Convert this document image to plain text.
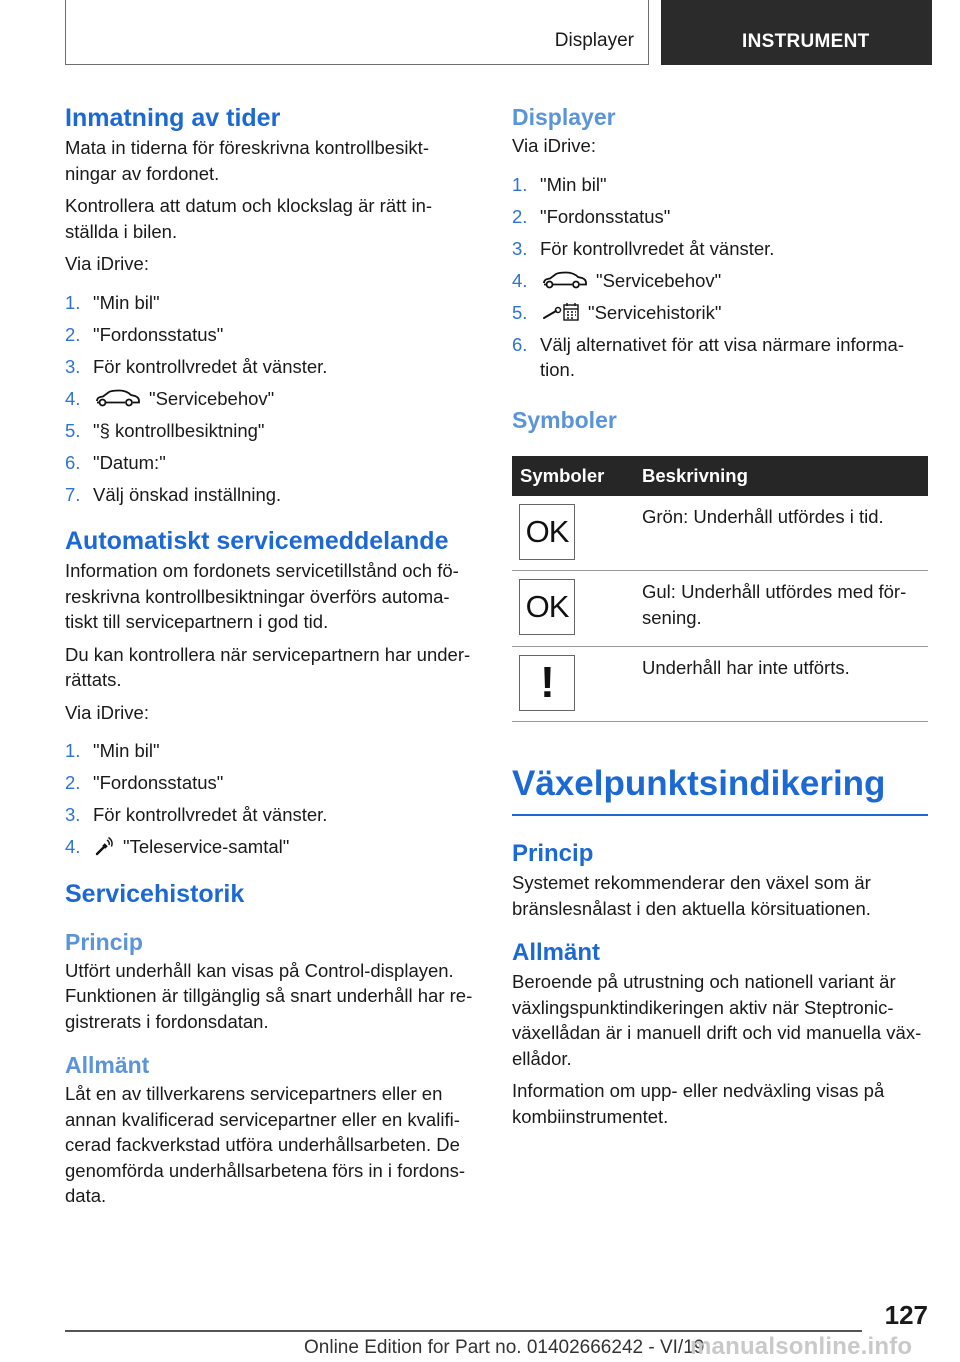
Displayer	INSTRUMENT
Inmatning av tider

Mata in tiderna för föreskrivna kontrollbesikt-ningar av fordonet.

Kontrollera att datum och klockslag är rätt in-ställda i bilen.

Via iDrive:

1. "Min bil"
2. "Fordonsstatus"
3. För kontrollvredet åt vänster.
4.	"Servicebehov"
5. "§ kontrollbesiktning"
6. "Datum:"
7. Välj önskad inställning.
Automatiskt servicemeddelande

Information om fordonets servicetillstånd och fö-reskrivna kontrollbesiktningar överförs automa-tiskt till servicepartnern i god tid.

Du kan kontrollera när servicepartnern har under-rättats.

Via iDrive:

1. "Min bil"
2. "Fordonsstatus"
3. För kontrollvredet åt vänster.
4. "Teleservice-samtal"
Servicehistorik
Princip

Utfört underhåll kan visas på Control-displayen. Funktionen är tillgänglig så snart underhåll har re-gistrerats i fordonsdatan.

Allmänt

Låt en av tillverkarens servicepartners eller en annan kvalificerad servicepartner eller en kvalifi-cerad fackverkstad utföra underhållsarbeten. De genomförda underhållsarbetena förs in i fordons-data.

Displayer

Via iDrive:

1. "Min bil"
2. "Fordonsstatus"
3. För kontrollvredet åt vänster.
4.	"Servicebehov"
5.	"Servicehistorik"
6. Välj alternativet för att visa närmare informa-tion.
Symboler
Symboler	Beskrivning

OK	Grön: Underhåll utfördes i tid.

OK	Gul: Underhåll utfördes med för-sening.

!	Underhåll har inte utförts.
Växelpunktsindikering
Princip

Systemet rekommenderar den växel som är bränslesnålast i den aktuella körsituationen.

Allmänt

Beroende på utrustning och nationell variant är växlingspunktindikeringen aktiv när Steptronic-växellådan är i manuell drift och vid manuella väx-ellådor.

Information om upp- eller nedväxling visas på kombiinstrumentet.

127
Online Edition for Part no. 01402666242 - VI/19
manualsonline.info
